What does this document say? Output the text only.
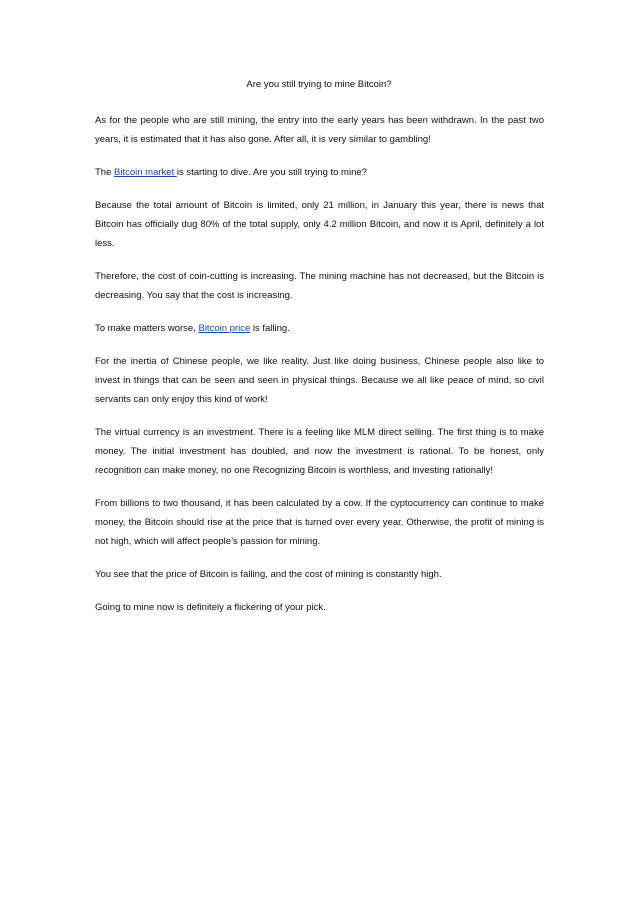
Are you still trying to mine Bitcoin?

As for the people who are still mining, the entry into the early years has been withdrawn. In the past two years, it is estimated that it has also gone. After all, it is very similar to gambling!

The Bitcoin market is starting to dive. Are you still trying to mine?

Because the total amount of Bitcoin is limited, only 21 million, in January this year, there is news that Bitcoin has officially dug 80% of the total supply, only 4.2 million Bitcoin, and now it is April, definitely a lot less.

Therefore, the cost of coin-cutting is increasing. The mining machine has not decreased, but the Bitcoin is decreasing. You say that the cost is increasing.

To make matters worse, Bitcoin price is falling.

For the inertia of Chinese people, we like reality. Just like doing business, Chinese people also like to invest in things that can be seen and seen in physical things. Because we all like peace of mind, so civil servants can only enjoy this kind of work!

The virtual currency is an investment. There is a feeling like MLM direct selling. The first thing is to make money. The initial investment has doubled, and now the investment is rational. To be honest, only recognition can make money, no one Recognizing Bitcoin is worthless, and investing rationally!

From billions to two thousand, it has been calculated by a cow. If the cyptocurrency can continue to make money, the Bitcoin should rise at the price that is turned over every year. Otherwise, the profit of mining is not high, which will affect people’s passion for mining.

You see that the price of Bitcoin is falling, and the cost of mining is constantly high.

Going to mine now is definitely a flickering of your pick.
